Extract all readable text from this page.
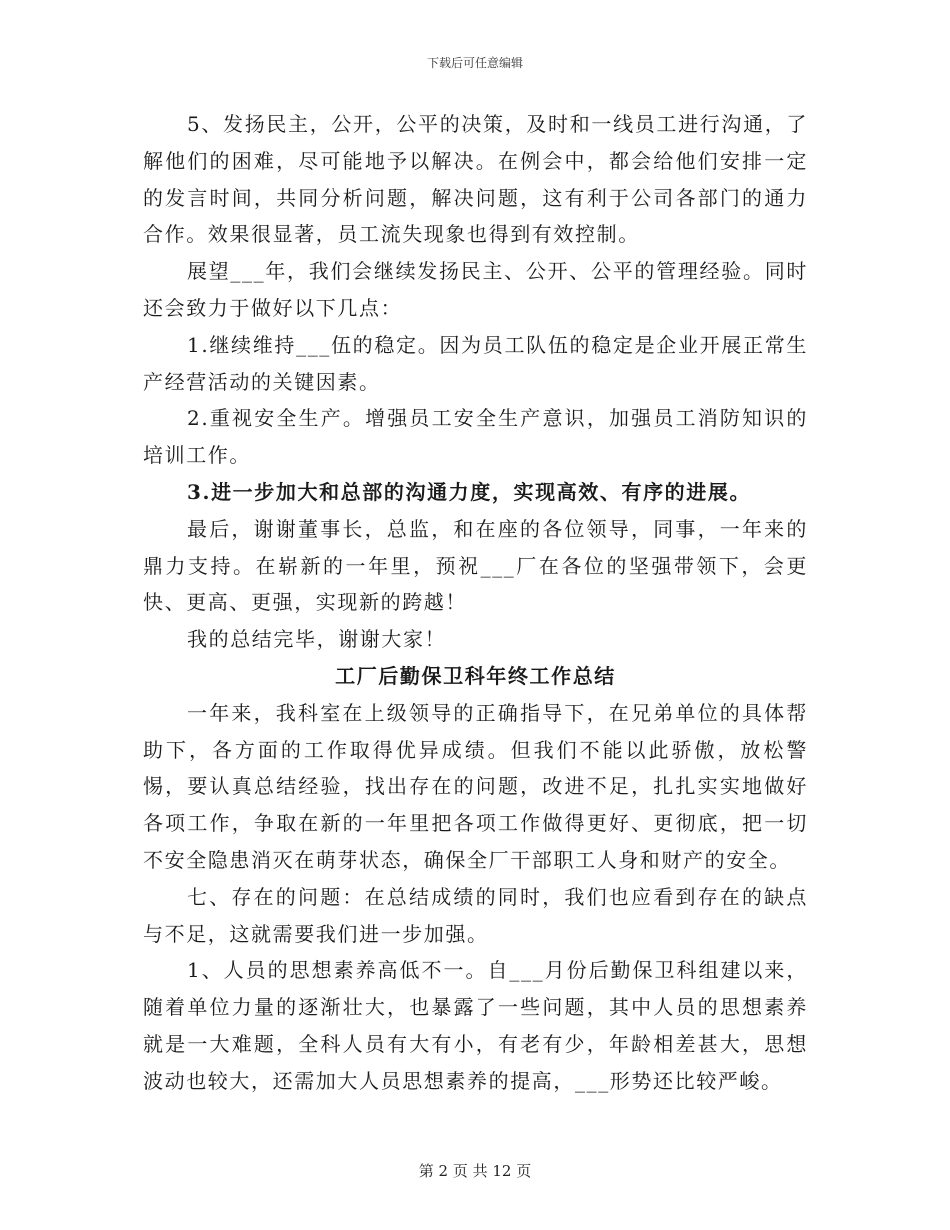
下载后可任意编辑

5、发扬民主，公开，公平的决策，及时和一线员工进行沟通，了解他们的困难，尽可能地予以解决。在例会中，都会给他们安排一定的发言时间，共同分析问题，解决问题，这有利于公司各部门的通力合作。效果很显著，员工流失现象也得到有效控制。

展望___年，我们会继续发扬民主、公开、公平的管理经验。同时还会致力于做好以下几点：

1.继续维持___伍的稳定。因为员工队伍的稳定是企业开展正常生产经营活动的关键因素。

2.重视安全生产。增强员工安全生产意识，加强员工消防知识的培训工作。

3.进一步加大和总部的沟通力度，实现高效、有序的进展。

最后，谢谢董事长，总监，和在座的各位领导，同事，一年来的鼎力支持。在崭新的一年里，预祝___厂在各位的坚强带领下，会更快、更高、更强，实现新的跨越！

我的总结完毕，谢谢大家！

工厂后勤保卫科年终工作总结

一年来，我科室在上级领导的正确指导下，在兄弟单位的具体帮助下，各方面的工作取得优异成绩。但我们不能以此骄傲，放松警惕，要认真总结经验，找出存在的问题，改进不足，扎扎实实地做好各项工作，争取在新的一年里把各项工作做得更好、更彻底，把一切不安全隐患消灭在萌芽状态，确保全厂干部职工人身和财产的安全。

七、存在的问题：在总结成绩的同时，我们也应看到存在的缺点与不足，这就需要我们进一步加强。

1、人员的思想素养高低不一。自___月份后勤保卫科组建以来，随着单位力量的逐渐壮大，也暴露了一些问题，其中人员的思想素养就是一大难题，全科人员有大有小，有老有少，年龄相差甚大，思想波动也较大，还需加大人员思想素养的提高，___形势还比较严峻。

第 2 页 共 12 页
